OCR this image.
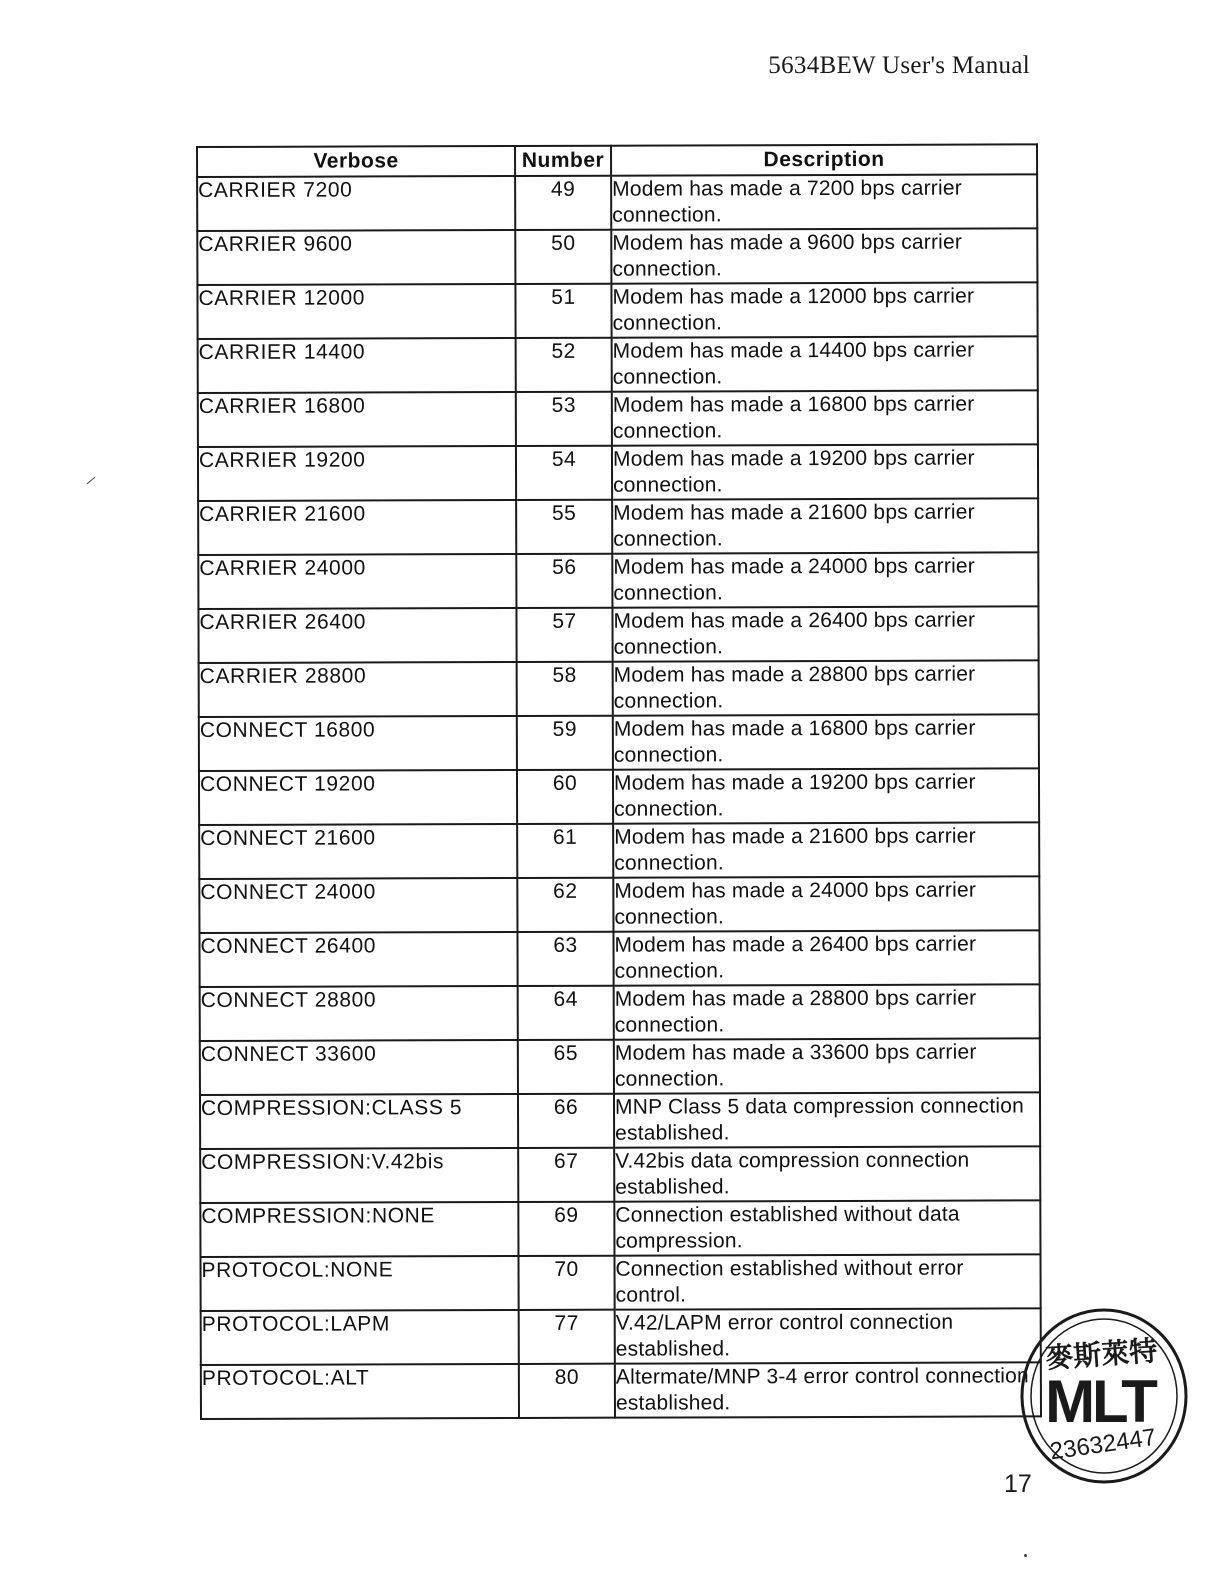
5634BEW User's Manual
Verbose	Number	Description
CARRIER 7200	49	Modem has made a 7200 bps carrier connection.
CARRIER 9600	50	Modem has made a 9600 bps carrier connection.
CARRIER 12000	51	Modem has made a 12000 bps carrier connection.
CARRIER 14400	52	Modem has made a 14400 bps carrier connection.
CARRIER 16800	53	Modem has made a 16800 bps carrier connection.
CARRIER 19200	54	Modem has made a 19200 bps carrier connection.
CARRIER 21600	55	Modem has made a 21600 bps carrier connection.
CARRIER 24000	56	Modem has made a 24000 bps carrier connection.
CARRIER 26400	57	Modem has made a 26400 bps carrier connection.
CARRIER 28800	58	Modem has made a 28800 bps carrier connection.
CONNECT 16800	59	Modem has made a 16800 bps carrier connection.
CONNECT 19200	60	Modem has made a 19200 bps carrier connection.
CONNECT 21600	61	Modem has made a 21600 bps carrier connection.
CONNECT 24000	62	Modem has made a 24000 bps carrier connection.
CONNECT 26400	63	Modem has made a 26400 bps carrier connection.
CONNECT 28800	64	Modem has made a 28800 bps carrier connection.
CONNECT 33600	65	Modem has made a 33600 bps carrier connection.
COMPRESSION:CLASS 5	66	MNP Class 5 data compression connection established.
COMPRESSION:V.42bis	67	V.42bis data compression connection established.
COMPRESSION:NONE	69	Connection established without data compression.
PROTOCOL:NONE	70	Connection established without error control.
PROTOCOL:LAPM	77	V.42/LAPM error control connection established.
PROTOCOL:ALT	80	Altermate/MNP 3-4 error control connection established.
麥斯萊特
MLT
23632447
17
